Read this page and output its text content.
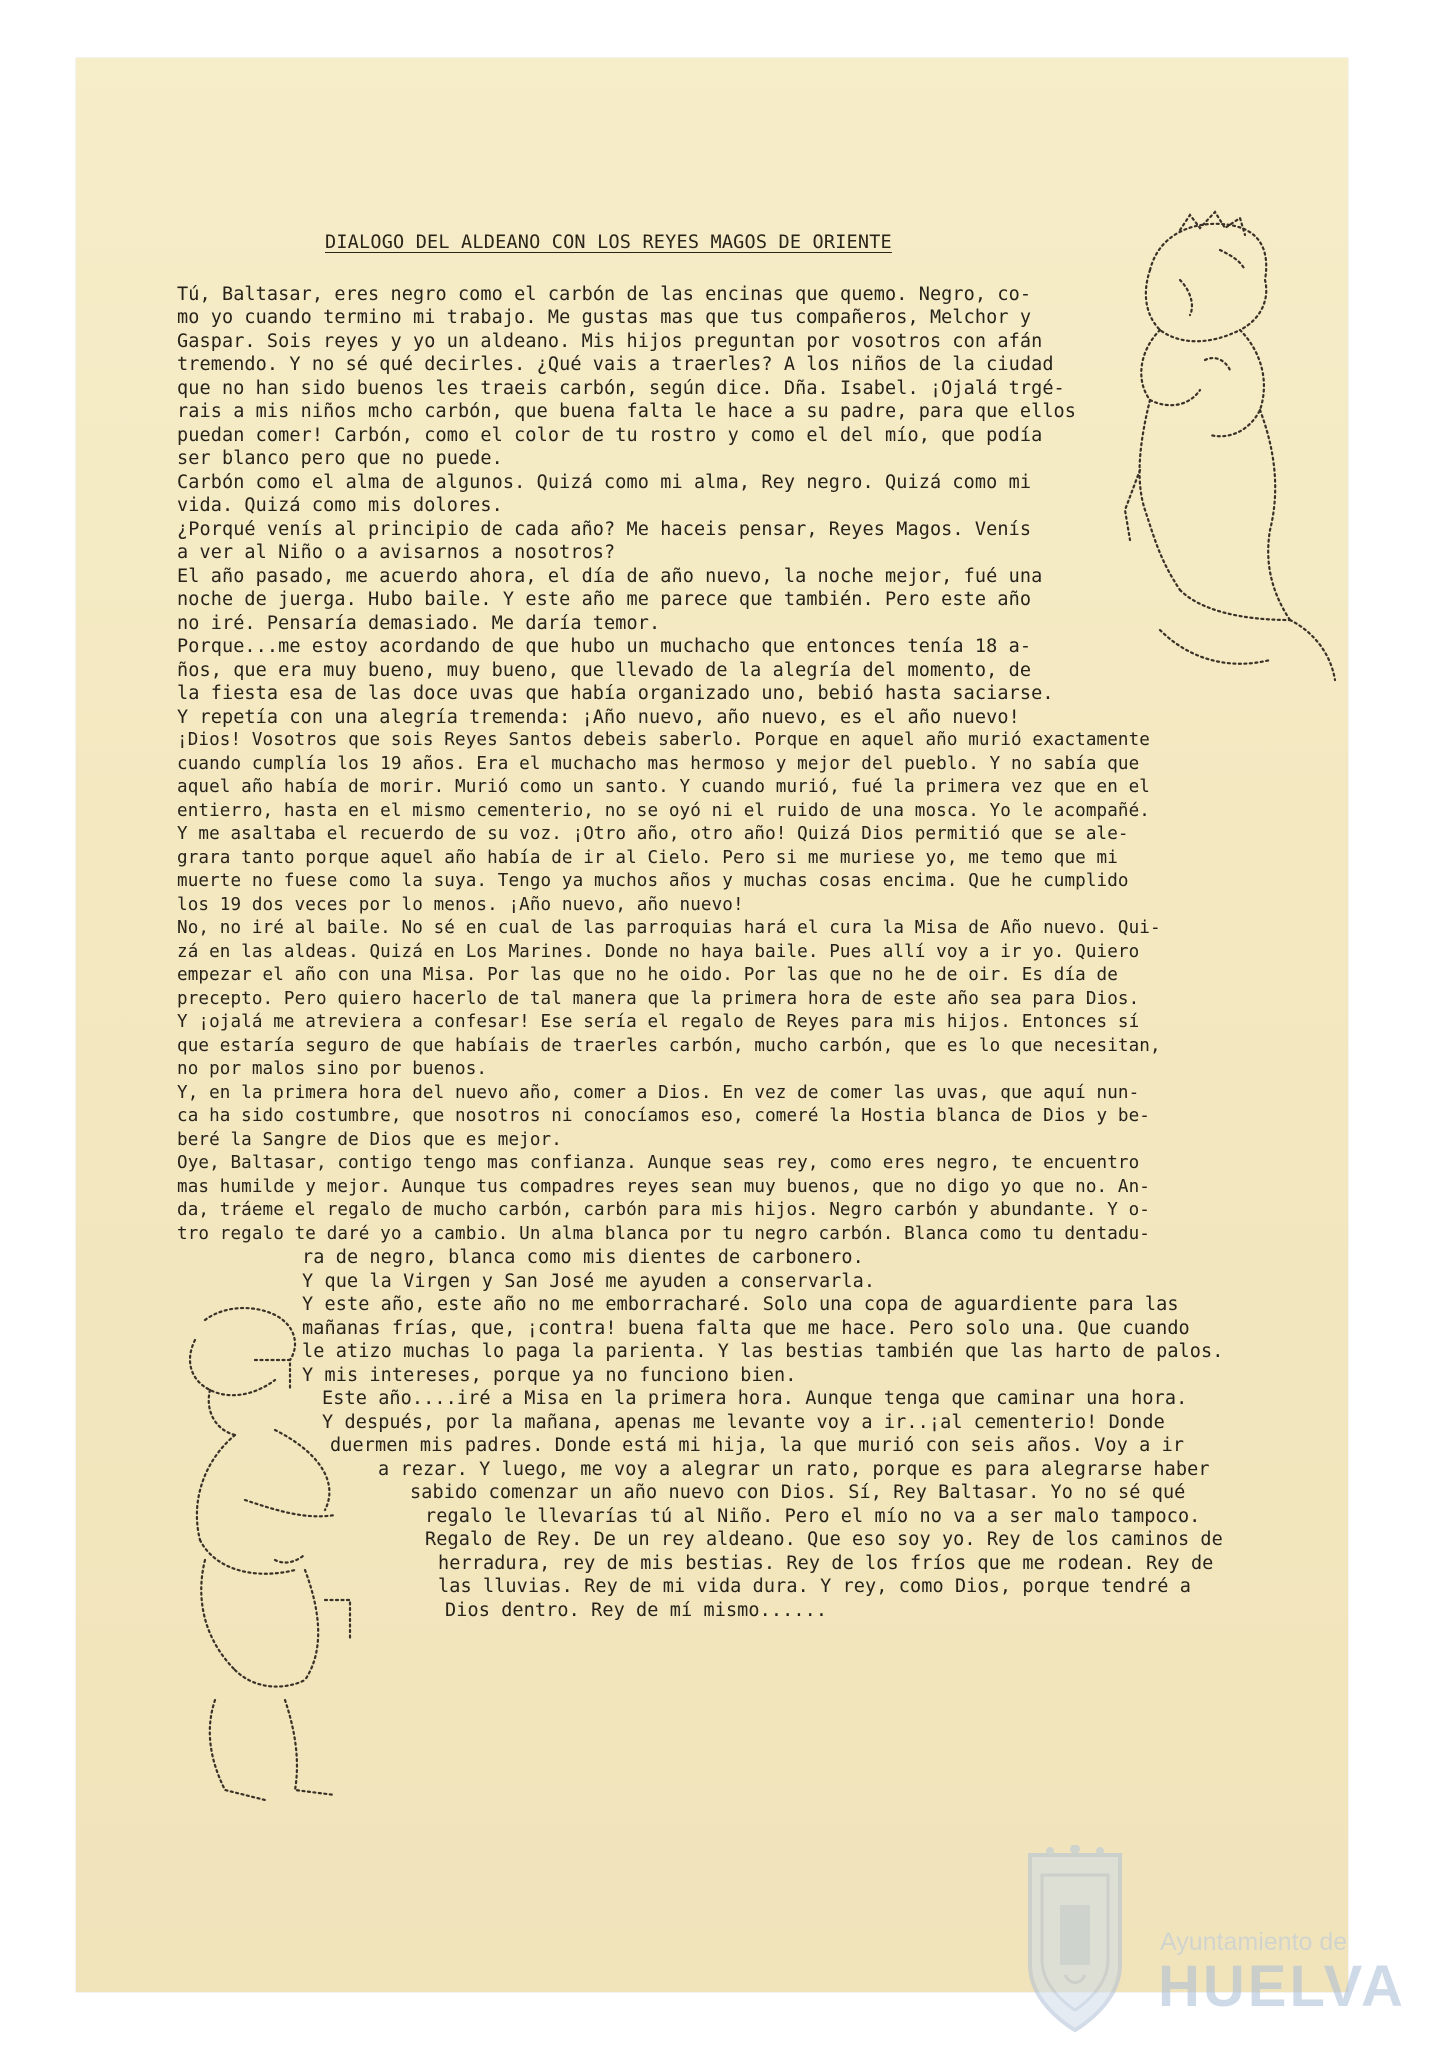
DIALOGO DEL ALDEANO CON LOS REYES MAGOS DE ORIENTE
Tú, Baltasar, eres negro como el carbón de las encinas que quemo. Negro, co-
mo yo cuando termino mi trabajo. Me gustas mas que tus compañeros, Melchor y
Gaspar. Sois reyes y yo un aldeano. Mis hijos preguntan por vosotros con afán
tremendo. Y no sé qué decirles. ¿Qué vais a traerles? A los niños de la ciudad
que no han sido buenos les traeis carbón, según dice. Dña. Isabel. ¡Ojalá trgé-
rais a mis niños mcho carbón, que buena falta le hace a su padre, para que ellos
puedan comer! Carbón, como el color de tu rostro y como el del mío, que podía
ser blanco pero que no puede.
Carbón como el alma de algunos. Quizá como mi alma, Rey negro. Quizá como mi
vida. Quizá como mis dolores.
¿Porqué venís al principio de cada año? Me haceis pensar, Reyes Magos. Venís
a ver al Niño o a avisarnos a nosotros?
El año pasado, me acuerdo ahora, el día de año nuevo, la noche mejor, fué una
noche de juerga. Hubo baile. Y este año me parece que también. Pero este año
no iré. Pensaría demasiado. Me daría temor.
Porque...me estoy acordando de que hubo un muchacho que entonces tenía 18 a-
ños, que era muy bueno, muy bueno, que llevado de la alegría del momento, de
la fiesta esa de las doce uvas que había organizado uno, bebió hasta saciarse.
Y repetía con una alegría tremenda: ¡Año nuevo, año nuevo, es el año nuevo!
¡Dios! Vosotros que sois Reyes Santos debeis saberlo. Porque en aquel año murió exactamente
cuando cumplía los 19 años. Era el muchacho mas hermoso y mejor del pueblo. Y no sabía que
aquel año había de morir. Murió como un santo. Y cuando murió, fué la primera vez que en el
entierro, hasta en el mismo cementerio, no se oyó ni el ruido de una mosca. Yo le acompañé.
Y me asaltaba el recuerdo de su voz. ¡Otro año, otro año! Quizá Dios permitió que se ale-
grara tanto porque aquel año había de ir al Cielo. Pero si me muriese yo, me temo que mi
muerte no fuese como la suya. Tengo ya muchos años y muchas cosas encima. Que he cumplido
los 19 dos veces por lo menos. ¡Año nuevo, año nuevo!
No, no iré al baile. No sé en cual de las parroquias hará el cura la Misa de Año nuevo. Qui-
zá en las aldeas. Quizá en Los Marines. Donde no haya baile. Pues allí voy a ir yo. Quiero
empezar el año con una Misa. Por las que no he oido. Por las que no he de oir. Es día de
precepto. Pero quiero hacerlo de tal manera que la primera hora de este año sea para Dios.
Y ¡ojalá me atreviera a confesar! Ese sería el regalo de Reyes para mis hijos. Entonces sí
que estaría seguro de que habíais de traerles carbón, mucho carbón, que es lo que necesitan,
no por malos sino por buenos.
Y, en la primera hora del nuevo año, comer a Dios. En vez de comer las uvas, que aquí nun-
ca ha sido costumbre, que nosotros ni conocíamos eso, comeré la Hostia blanca de Dios y be-
beré la Sangre de Dios que es mejor.
Oye, Baltasar, contigo tengo mas confianza. Aunque seas rey, como eres negro, te encuentro
mas humilde y mejor. Aunque tus compadres reyes sean muy buenos, que no digo yo que no. An-
da, tráeme el regalo de mucho carbón, carbón para mis hijos. Negro carbón y abundante. Y o-
tro regalo te daré yo a cambio. Un alma blanca por tu negro carbón. Blanca como tu dentadu-
ra de negro, blanca como mis dientes de carbonero.
Y que la Virgen y San José me ayuden a conservarla.
Y este año, este año no me emborracharé. Solo una copa de aguardiente para las
mañanas frías, que, ¡contra! buena falta que me hace. Pero solo una. Que cuando
le atizo muchas lo paga la parienta. Y las bestias también que las harto de palos.
Y mis intereses, porque ya no funciono bien.
Este año....iré a Misa en la primera hora. Aunque tenga que caminar una hora.
Y después, por la mañana, apenas me levante voy a ir..¡al cementerio! Donde
duermen mis padres. Donde está mi hija, la que murió con seis años. Voy a ir
a rezar. Y luego, me voy a alegrar un rato, porque es para alegrarse haber
sabido comenzar un año nuevo con Dios. Sí, Rey Baltasar. Yo no sé qué
regalo le llevarías tú al Niño. Pero el mío no va a ser malo tampoco.
Regalo de Rey. De un rey aldeano. Que eso soy yo. Rey de los caminos de
herradura, rey de mis bestias. Rey de los fríos que me rodean. Rey de
las lluvias. Rey de mi vida dura. Y rey, como Dios, porque tendré a
Dios dentro. Rey de mí mismo......
Ayuntamiento de
HUELVA
